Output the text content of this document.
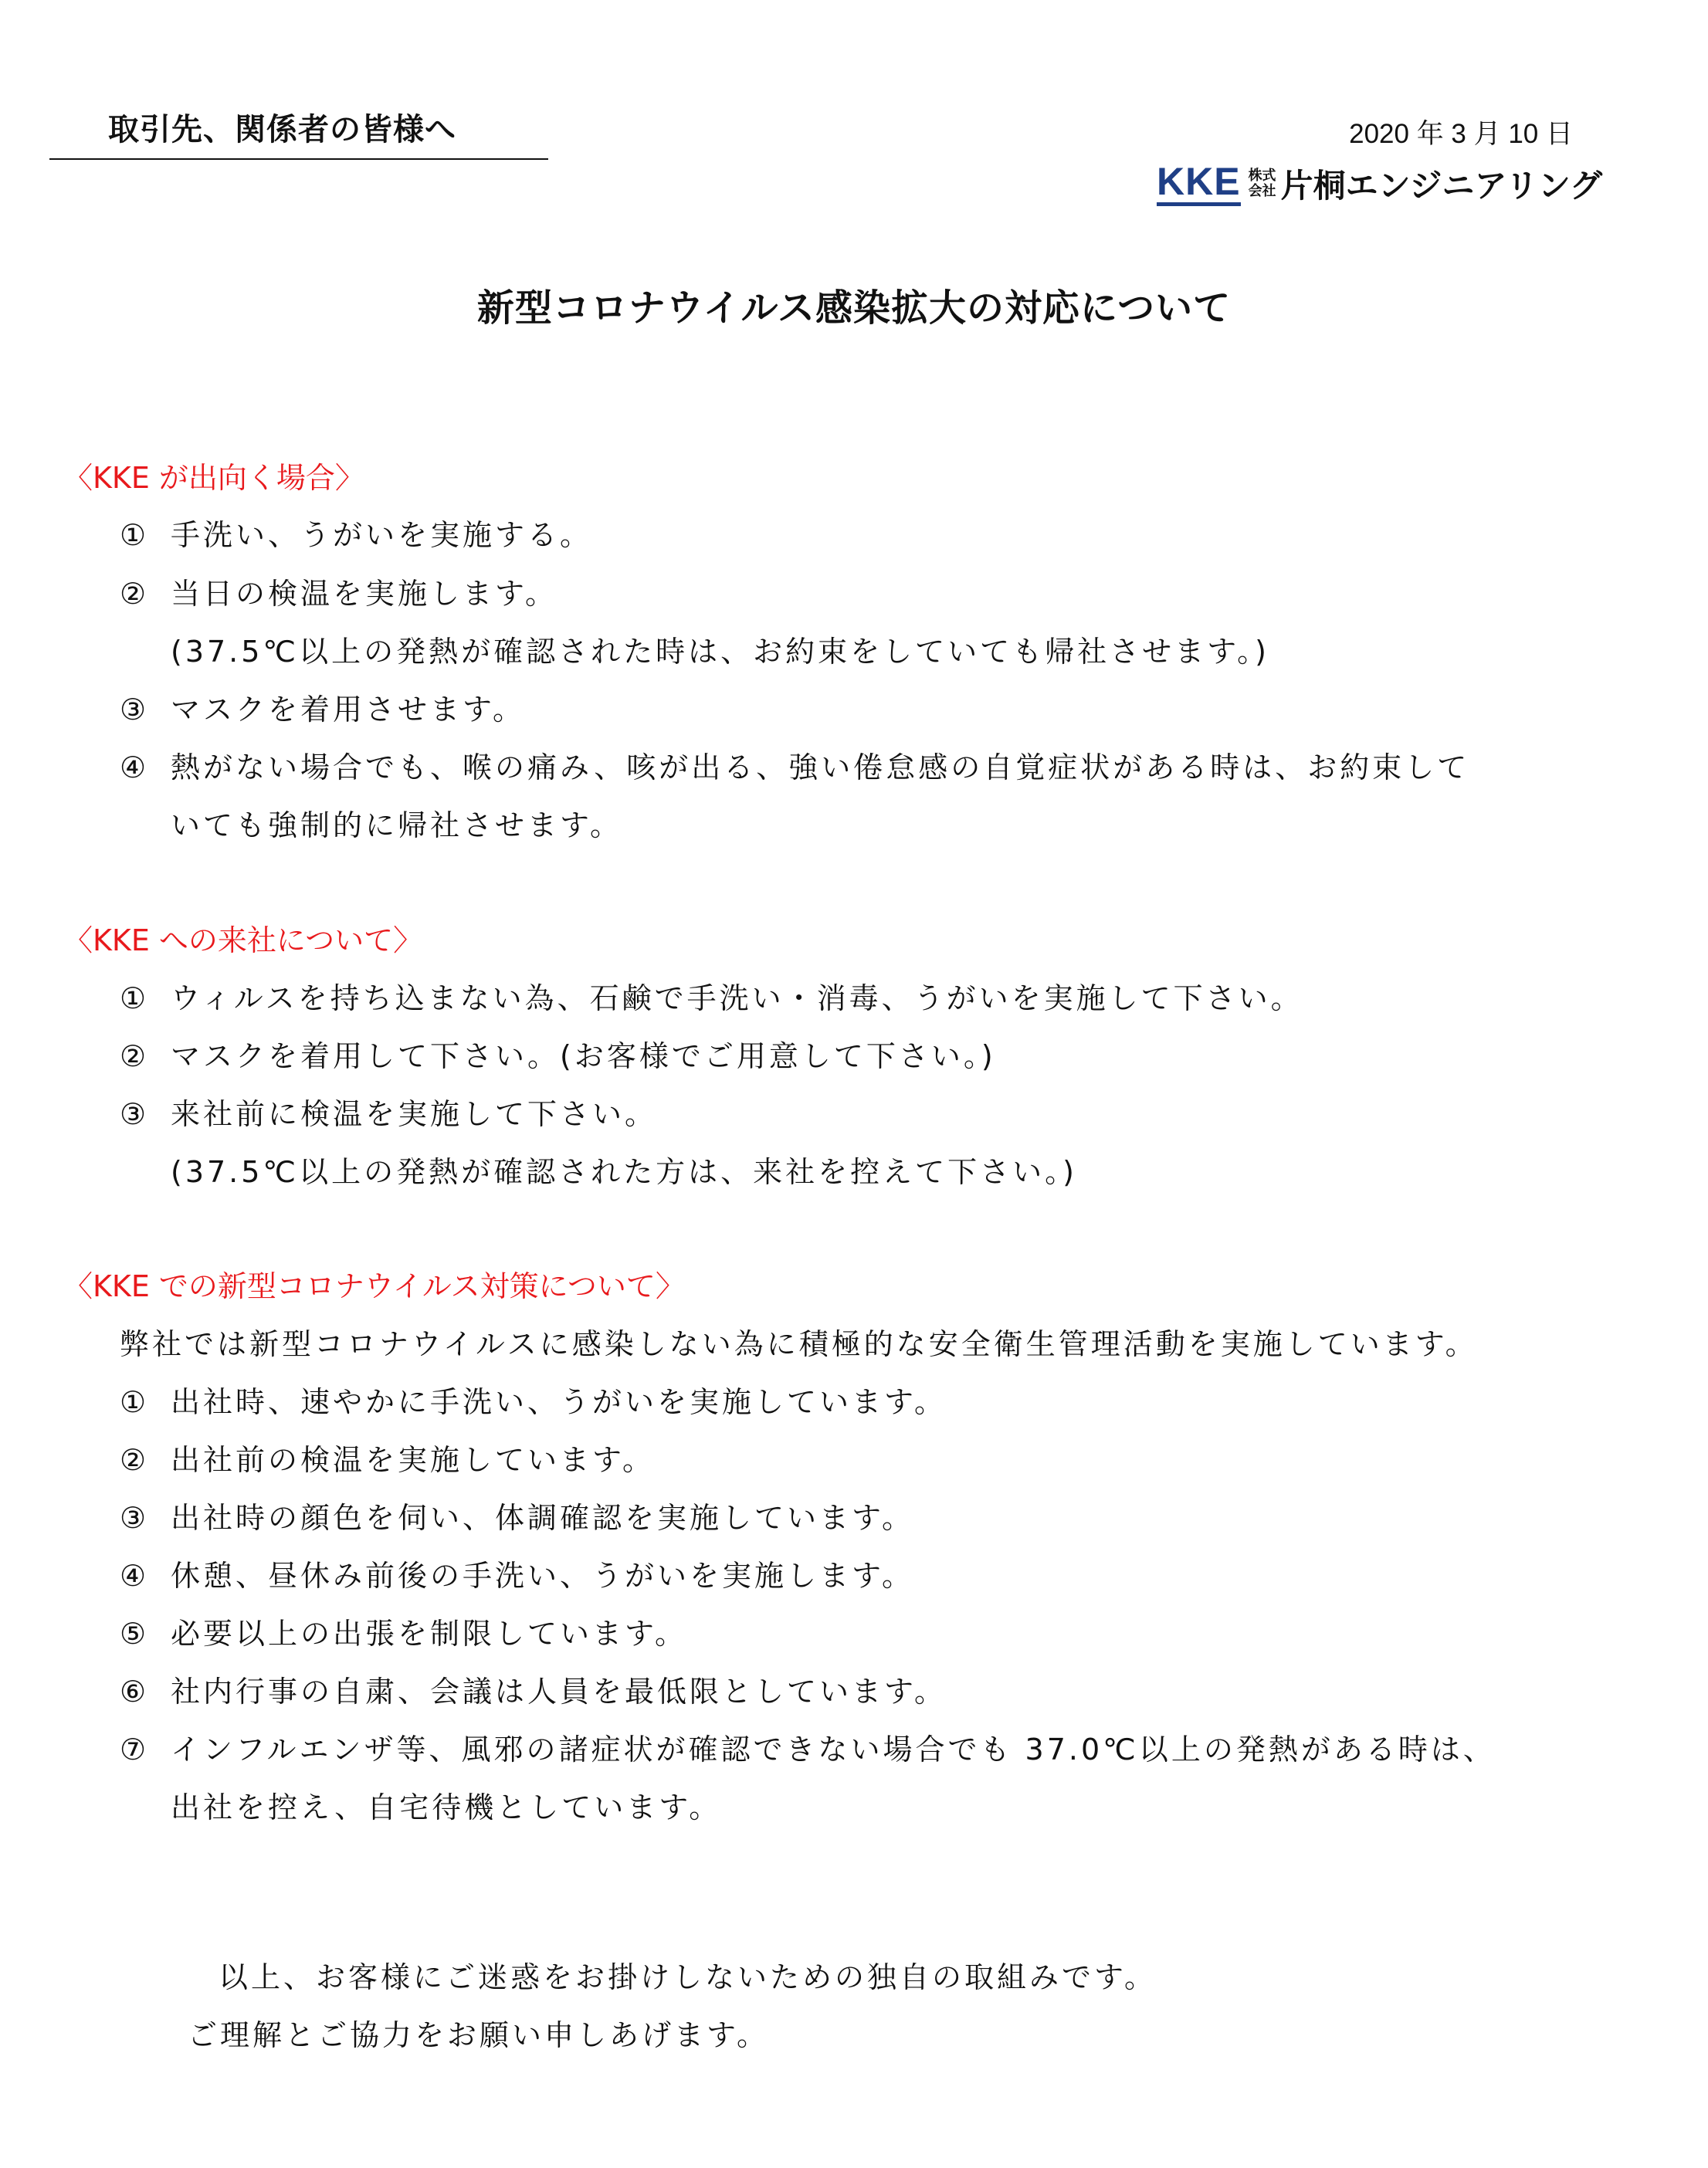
取引先、関係者の皆様へ	2020 年 3 月 10 日
KKE 株式
会社 片桐エンジニアリング
新型コロナウイルス感染拡大の対応について
〈KKE が出向く場合〉
① 手洗い、うがいを実施する。
② 当日の検温を実施します。
(37.5℃以上の発熱が確認された時は、お約束をしていても帰社させます。)
③ マスクを着用させます。
④ 熱がない場合でも、喉の痛み、咳が出る、強い倦怠感の自覚症状がある時は、お約束して
いても強制的に帰社させます。
〈KKE への来社について〉
① ウィルスを持ち込まない為、石鹸で手洗い・消毒、うがいを実施して下さい。
② マスクを着用して下さい。(お客様でご用意して下さい。)
③ 来社前に検温を実施して下さい。
(37.5℃以上の発熱が確認された方は、来社を控えて下さい。)
〈KKE での新型コロナウイルス対策について〉
弊社では新型コロナウイルスに感染しない為に積極的な安全衛生管理活動を実施しています。
① 出社時、速やかに手洗い、うがいを実施しています。
② 出社前の検温を実施しています。
③ 出社時の顔色を伺い、体調確認を実施しています。
④ 休憩、昼休み前後の手洗い、うがいを実施します。
⑤ 必要以上の出張を制限しています。
⑥ 社内行事の自粛、会議は人員を最低限としています。
⑦ インフルエンザ等、風邪の諸症状が確認できない場合でも 37.0℃以上の発熱がある時は、
出社を控え、自宅待機としています。
以上、お客様にご迷惑をお掛けしないための独自の取組みです。
ご理解とご協力をお願い申しあげます。
